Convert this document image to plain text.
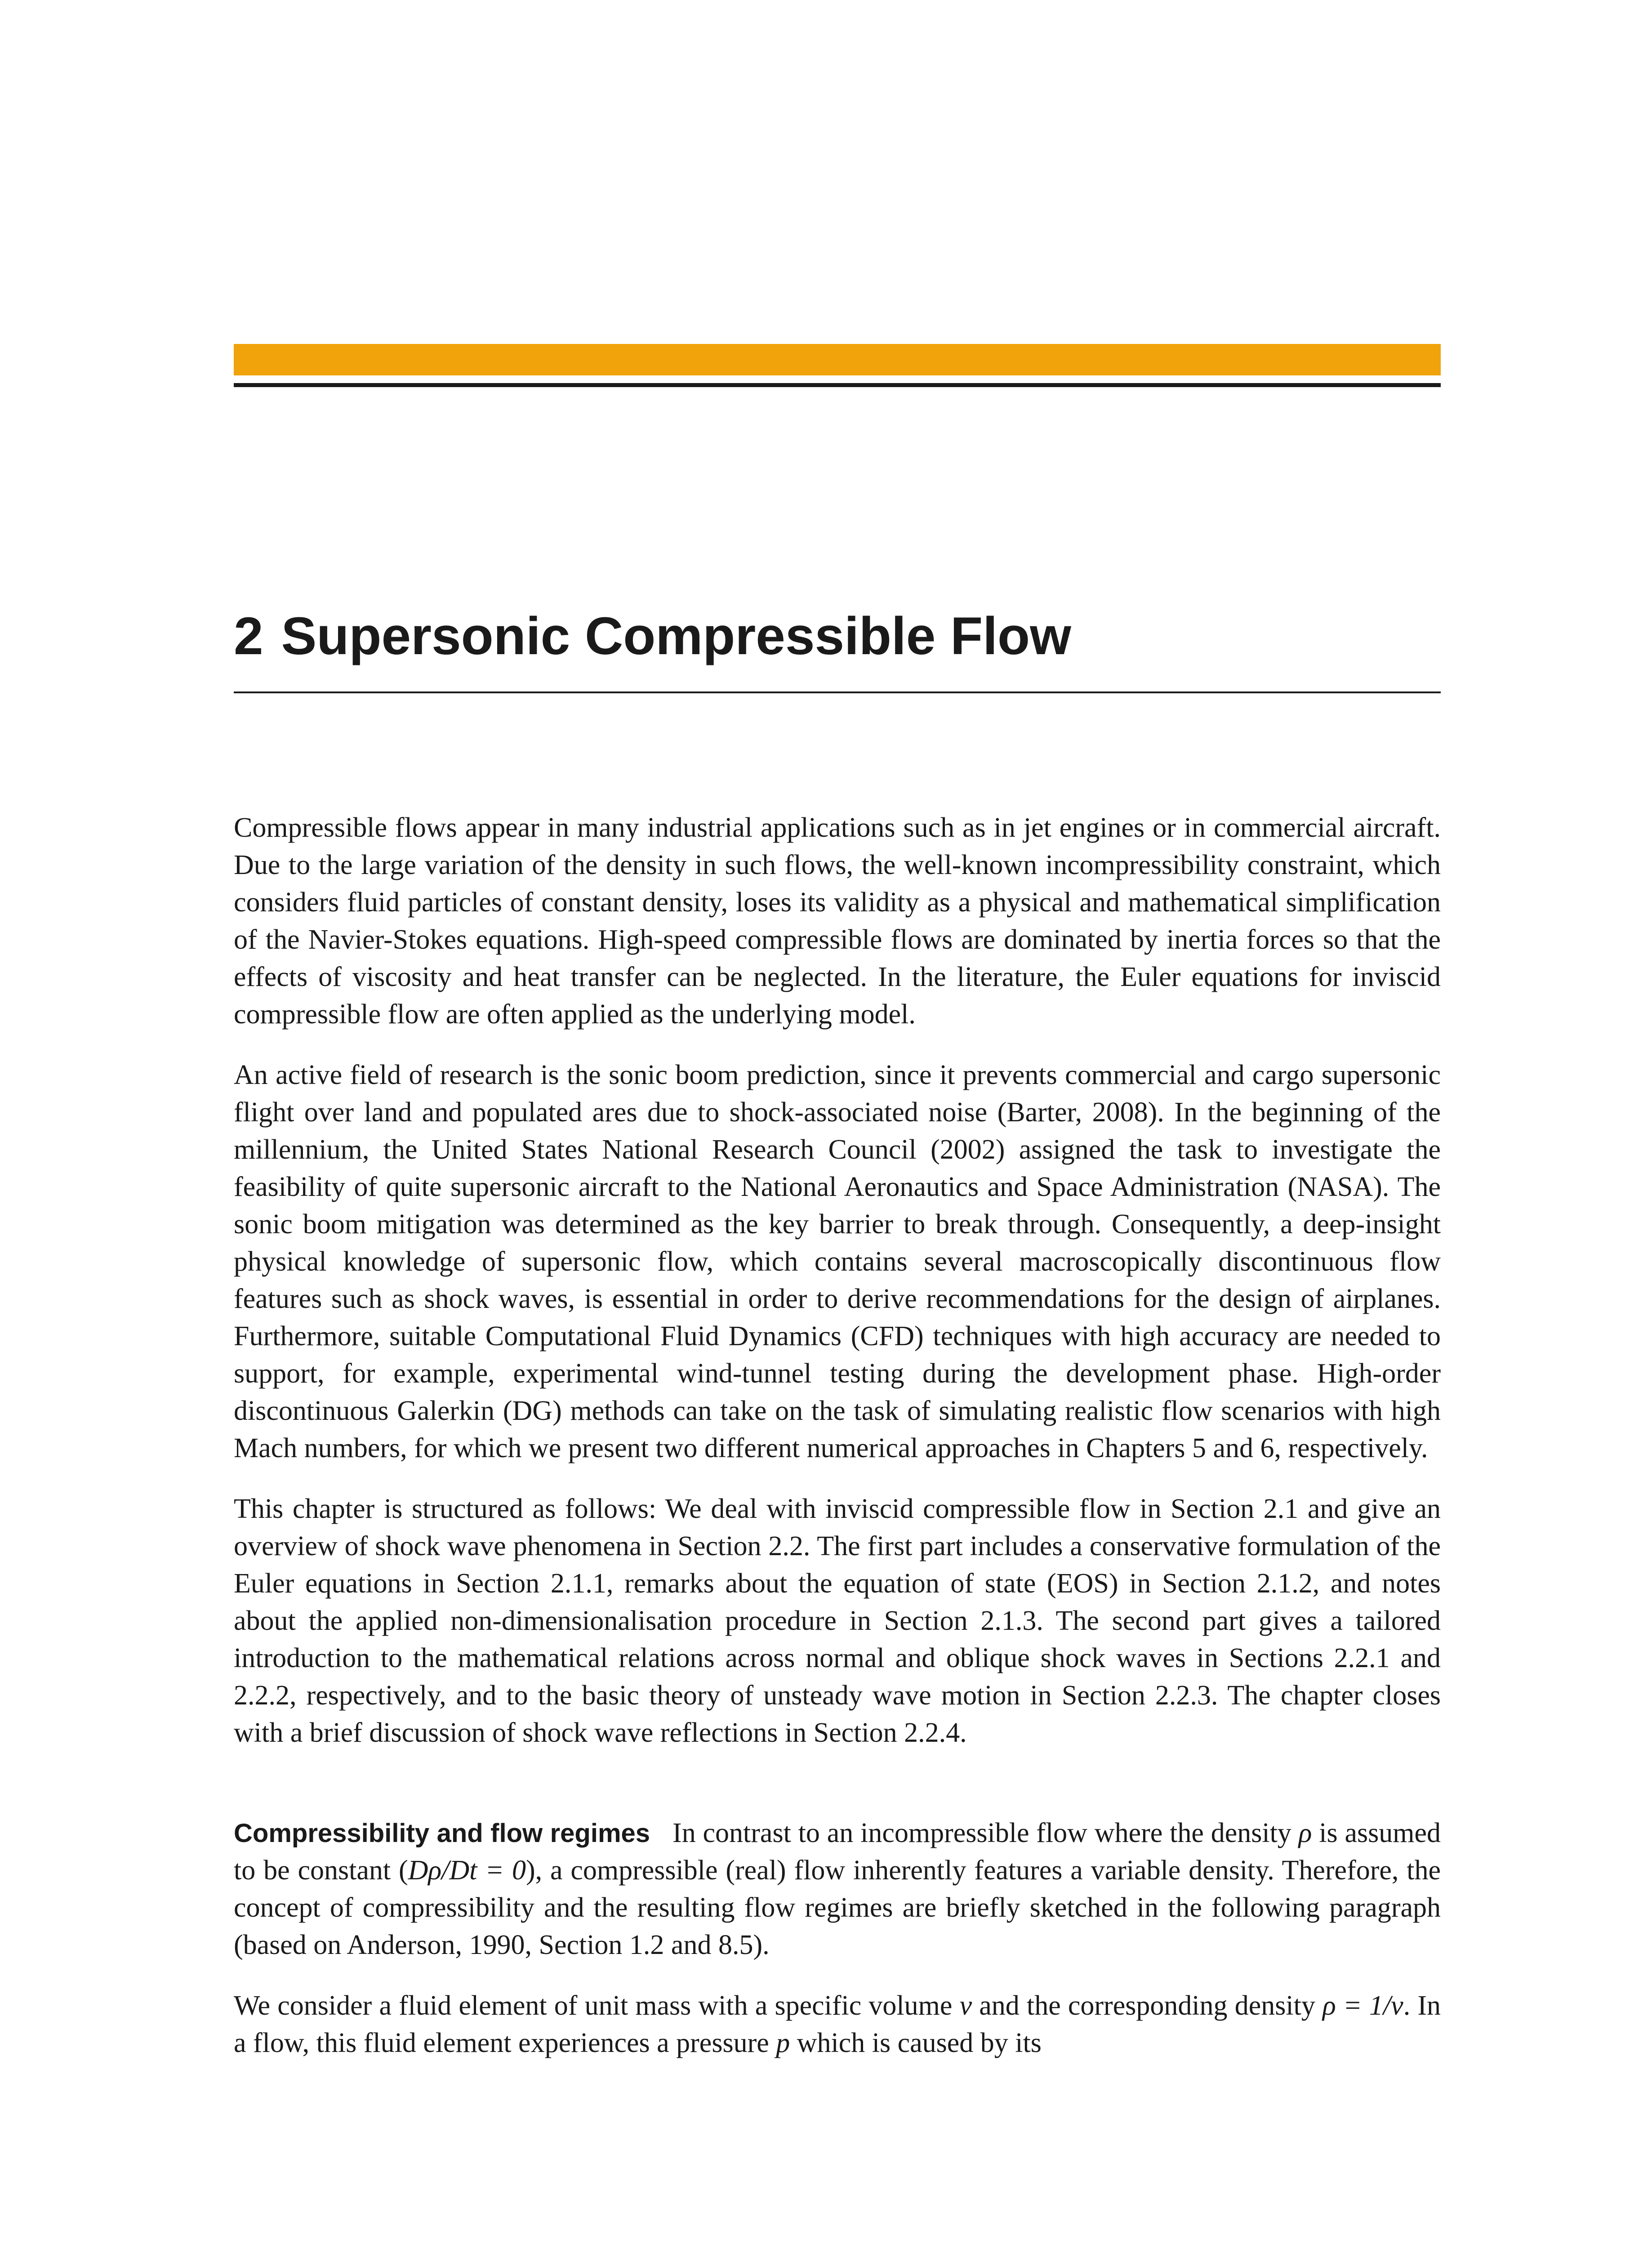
2 Supersonic Compressible Flow

Compressible flows appear in many industrial applications such as in jet engines or in commercial aircraft. Due to the large variation of the density in such flows, the well-known incompressibility constraint, which considers fluid particles of constant density, loses its validity as a physical and mathematical simplification of the Navier-Stokes equations. High-speed compressible flows are dominated by inertia forces so that the effects of viscosity and heat transfer can be neglected. In the literature, the Euler equations for inviscid compressible flow are often applied as the underlying model.

An active field of research is the sonic boom prediction, since it prevents commercial and cargo supersonic flight over land and populated ares due to shock-associated noise (Barter, 2008). In the beginning of the millennium, the United States National Research Council (2002) assigned the task to investigate the feasibility of quite supersonic aircraft to the National Aeronautics and Space Administration (NASA). The sonic boom mitigation was determined as the key barrier to break through. Consequently, a deep-insight physical knowledge of supersonic flow, which contains several macroscopically discontinuous flow features such as shock waves, is essential in order to derive recommendations for the design of airplanes. Furthermore, suitable Computational Fluid Dynamics (CFD) techniques with high accuracy are needed to support, for example, experimental wind-tunnel testing during the development phase. High-order discontinuous Galerkin (DG) methods can take on the task of simulating realistic flow scenarios with high Mach numbers, for which we present two different numerical approaches in Chapters 5 and 6, respectively.

This chapter is structured as follows: We deal with inviscid compressible flow in Section 2.1 and give an overview of shock wave phenomena in Section 2.2. The first part includes a conservative formulation of the Euler equations in Section 2.1.1, remarks about the equation of state (EOS) in Section 2.1.2, and notes about the applied non-dimensionalisation procedure in Section 2.1.3. The second part gives a tailored introduction to the mathematical relations across normal and oblique shock waves in Sections 2.2.1 and 2.2.2, respectively, and to the basic theory of unsteady wave motion in Section 2.2.3. The chapter closes with a brief discussion of shock wave reflections in Section 2.2.4.

Compressibility and flow regimes In contrast to an incompressible flow where the density ρ is assumed to be constant (Dρ/Dt = 0), a compressible (real) flow inherently features a variable density. Therefore, the concept of compressibility and the resulting flow regimes are briefly sketched in the following paragraph (based on Anderson, 1990, Section 1.2 and 8.5).

We consider a fluid element of unit mass with a specific volume v and the corresponding density ρ = 1/v. In a flow, this fluid element experiences a pressure p which is caused by its
